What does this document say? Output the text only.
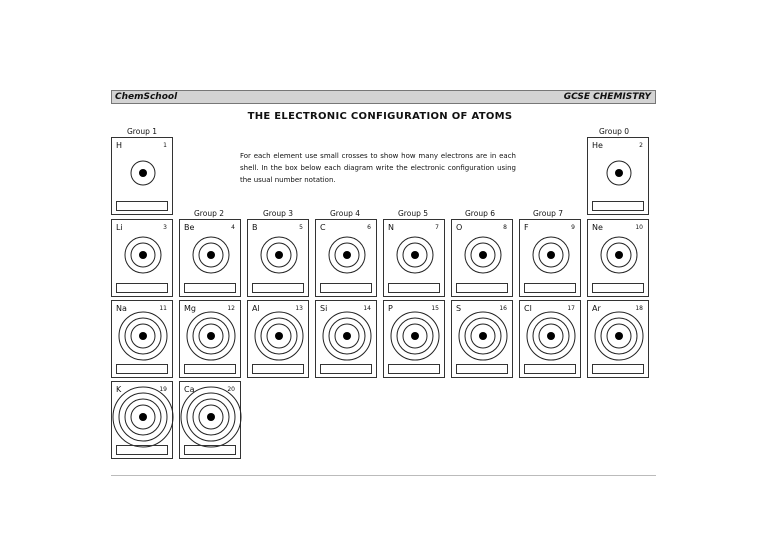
ChemSchool	GCSE CHEMISTRY
THE ELECTRONIC CONFIGURATION OF ATOMS
For each element use small crosses to show how many electrons are in each shell. In the box below each diagram write the electronic configuration using the usual number notation.
Group 1	Group 0
Group 2	Group 3	Group 4	Group 5	Group 6	Group 7
H	1	He	2
Li	3 Be	4 B	5 C	6 N	7 O	8 F	9 Ne	10
Na	11 Mg	12 Al	13 Si	14 P	15 S	16 Cl	17 Ar	18
K	19 Ca	20
